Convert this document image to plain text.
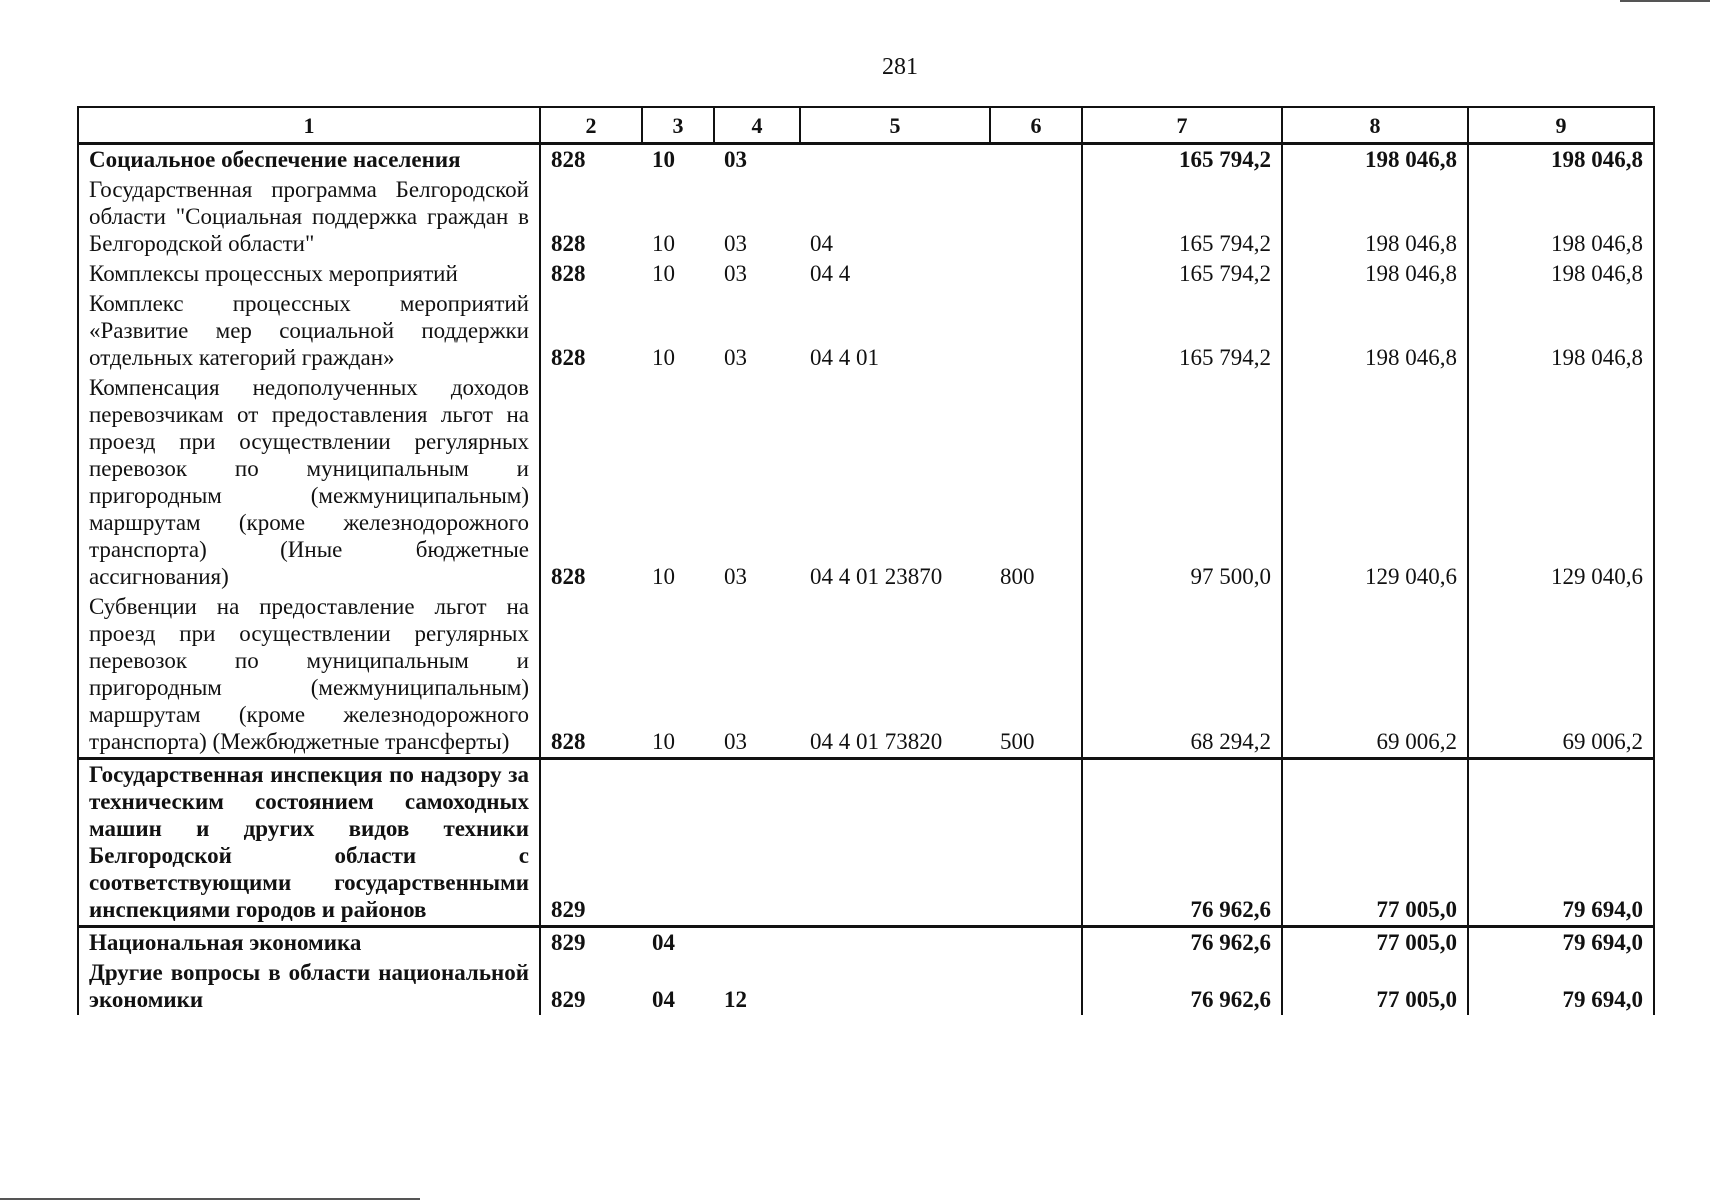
281
1	2	3	4	5	6	7	8	9
Социальное обеспечение населения	828	10	03			165 794,2	198 046,8	198 046,8
Государственная программа Белгородской области "Социальная поддержка граждан в Белгородской области"	828	10	03	04		165 794,2	198 046,8	198 046,8
Комплексы процессных мероприятий	828	10	03	04 4		165 794,2	198 046,8	198 046,8
Комплекс процессных мероприятий «Развитие мер социальной поддержки отдельных категорий граждан»	828	10	03	04 4 01		165 794,2	198 046,8	198 046,8
Компенсация недополученных доходов перевозчикам от предоставления льгот на проезд при осуществлении регулярных перевозок по муниципальным и пригородным (межмуниципальным) маршрутам (кроме железнодорожного транспорта) (Иные бюджетные ассигнования)	828	10	03	04 4 01 23870	800	97 500,0	129 040,6	129 040,6
Субвенции на предоставление льгот на проезд при осуществлении регулярных перевозок по муниципальным и пригородным (межмуниципальным) маршрутам (кроме железнодорожного транспорта) (Межбюджетные трансферты)	828	10	03	04 4 01 73820	500	68 294,2	69 006,2	69 006,2
Государственная инспекция по надзору за техническим состоянием самоходных машин и других видов техники Белгородской области с соответствующими государственными инспекциями городов и районов	829					76 962,6	77 005,0	79 694,0
Национальная экономика	829	04				76 962,6	77 005,0	79 694,0
Другие вопросы в области национальной экономики	829	04	12			76 962,6	77 005,0	79 694,0
